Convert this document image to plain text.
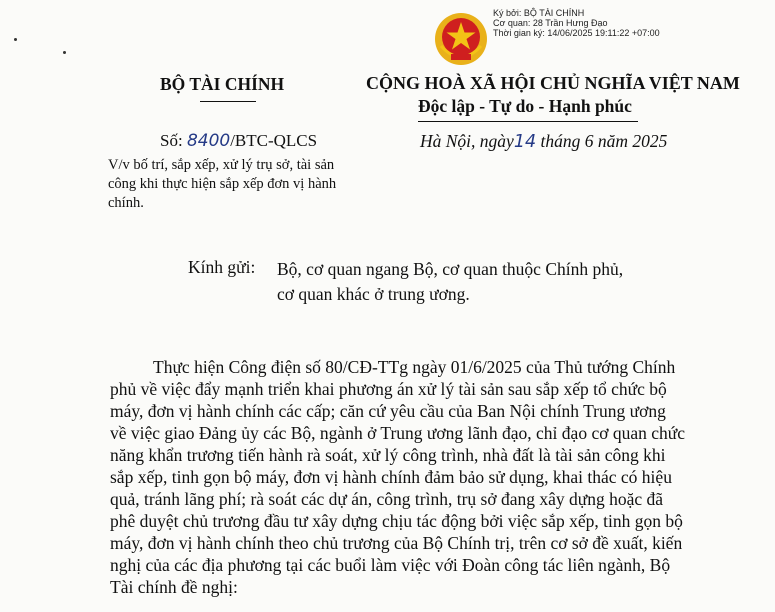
Ký bởi: BỘ TÀI CHÍNH
Cơ quan: 28 Trần Hưng Đạo
Thời gian ký: 14/06/2025 19:11:22 +07:00
BỘ TÀI CHÍNH	CỘNG HOÀ XÃ HỘI CHỦ NGHĨA VIỆT NAM
Độc lập - Tự do - Hạnh phúc
Số: 8400/BTC-QLCS	Hà Nội, ngày14 tháng 6 năm 2025
V/v bố trí, sắp xếp, xử lý trụ sở, tài sản công khi thực hiện sắp xếp đơn vị hành chính.
Kính gửi: Bộ, cơ quan ngang Bộ, cơ quan thuộc Chính phủ,
cơ quan khác ở trung ương.
Thực hiện Công điện số 80/CĐ-TTg ngày 01/6/2025 của Thủ tướng Chính
phủ về việc đẩy mạnh triển khai phương án xử lý tài sản sau sắp xếp tổ chức bộ
máy, đơn vị hành chính các cấp; căn cứ yêu cầu của Ban Nội chính Trung ương
về việc giao Đảng ủy các Bộ, ngành ở Trung ương lãnh đạo, chỉ đạo cơ quan chức
năng khẩn trương tiến hành rà soát, xử lý công trình, nhà đất là tài sản công khi
sắp xếp, tinh gọn bộ máy, đơn vị hành chính đảm bảo sử dụng, khai thác có hiệu
quả, tránh lãng phí; rà soát các dự án, công trình, trụ sở đang xây dựng hoặc đã
phê duyệt chủ trương đầu tư xây dựng chịu tác động bởi việc sắp xếp, tinh gọn bộ
máy, đơn vị hành chính theo chủ trương của Bộ Chính trị, trên cơ sở đề xuất, kiến
nghị của các địa phương tại các buổi làm việc với Đoàn công tác liên ngành, Bộ
Tài chính đề nghị:
